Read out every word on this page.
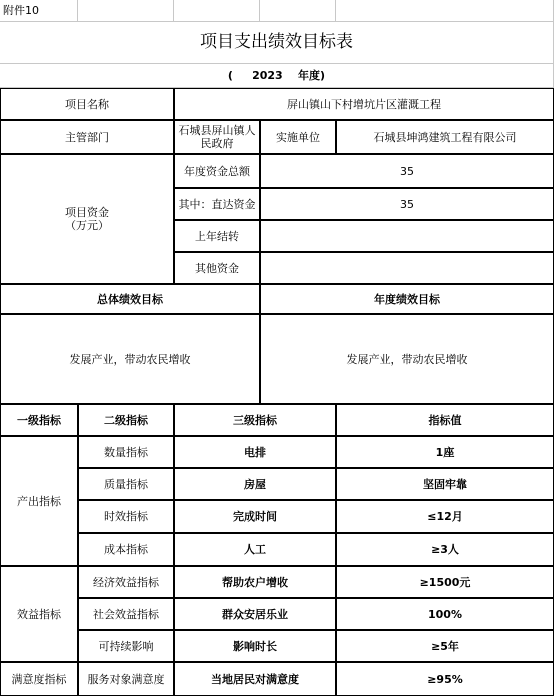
附件10
项目支出绩效目标表
(     2023    年度)
项目名称	屏山镇山下村增坑片区灌溉工程
主管部门	石城县屏山镇人
民政府	实施单位	石城县坤鸿建筑工程有限公司
项目资金
（万元）
年度资金总额	35
其中：直达资金	35
上年结转
其他资金
总体绩效目标	年度绩效目标
发展产业，带动农民增收	发展产业，带动农民增收
一级指标	二级指标	三级指标	指标值
产出指标
数量指标	电排	1座
质量指标	房屋	坚固牢靠
时效指标	完成时间	≤12月
成本指标	人工	≥3人
效益指标
经济效益指标	帮助农户增收	≥1500元
社会效益指标	群众安居乐业	100%
可持续影响	影响时长	≥5年
满意度指标	服务对象满意度	当地居民对满意度	≥95%
